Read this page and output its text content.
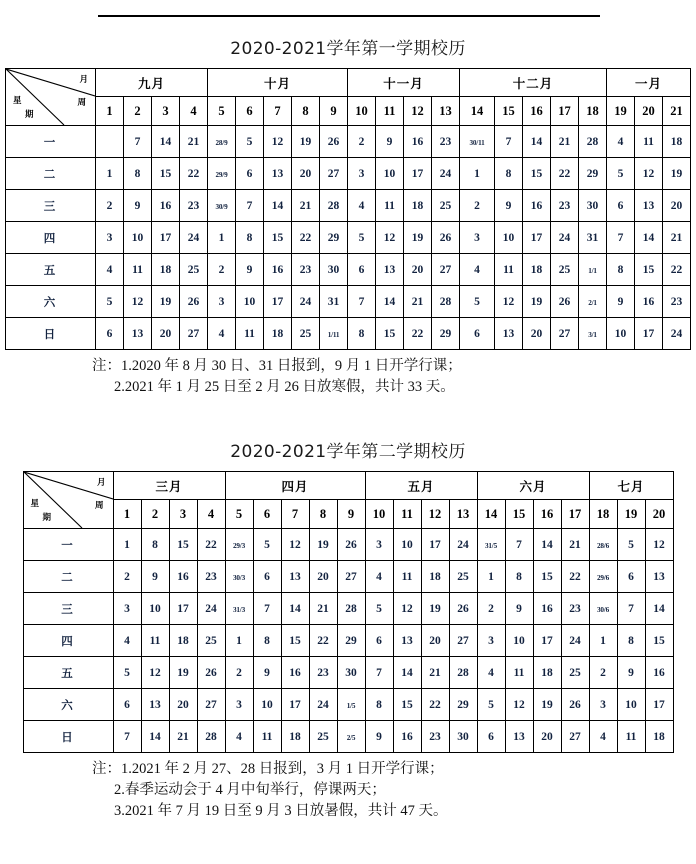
2020-2021学年第一学期校历
月
周
星
期	九月				十月					十一月				十二月					一月		
	1	2	3	4	5	6	7	8	9	10	11	12	13	14	15	16	17	18	19	20	21
一		7	14	21	28/9	5	12	19	26	2	9	16	23	30/11	7	14	21	28	4	11	18
二	1	8	15	22	29/9	6	13	20	27	3	10	17	24	1	8	15	22	29	5	12	19
三	2	9	16	23	30/9	7	14	21	28	4	11	18	25	2	9	16	23	30	6	13	20
四	3	10	17	24	1	8	15	22	29	5	12	19	26	3	10	17	24	31	7	14	21
五	4	11	18	25	2	9	16	23	30	6	13	20	27	4	11	18	25	1/1	8	15	22
六	5	12	19	26	3	10	17	24	31	7	14	21	28	5	12	19	26	2/1	9	16	23
日	6	13	20	27	4	11	18	25	1/11	8	15	22	29	6	13	20	27	3/1	10	17	24
注：1.2020 年 8 月 30 日、31 日报到，9 月 1 日开学行课；
2.2021 年 1 月 25 日至 2 月 26 日放寒假，共计 33 天。
2020-2021学年第二学期校历
月
周
星
期	三月				四月					五月				六月				七月		
	1	2	3	4	5	6	7	8	9	10	11	12	13	14	15	16	17	18	19	20
一	1	8	15	22	29/3	5	12	19	26	3	10	17	24	31/5	7	14	21	28/6	5	12
二	2	9	16	23	30/3	6	13	20	27	4	11	18	25	1	8	15	22	29/6	6	13
三	3	10	17	24	31/3	7	14	21	28	5	12	19	26	2	9	16	23	30/6	7	14
四	4	11	18	25	1	8	15	22	29	6	13	20	27	3	10	17	24	1	8	15
五	5	12	19	26	2	9	16	23	30	7	14	21	28	4	11	18	25	2	9	16
六	6	13	20	27	3	10	17	24	1/5	8	15	22	29	5	12	19	26	3	10	17
日	7	14	21	28	4	11	18	25	2/5	9	16	23	30	6	13	20	27	4	11	18
注：1.2021 年 2 月 27、28 日报到，3 月 1 日开学行课；
2.春季运动会于 4 月中旬举行，停课两天；
3.2021 年 7 月 19 日至 9 月 3 日放暑假，共计 47 天。
